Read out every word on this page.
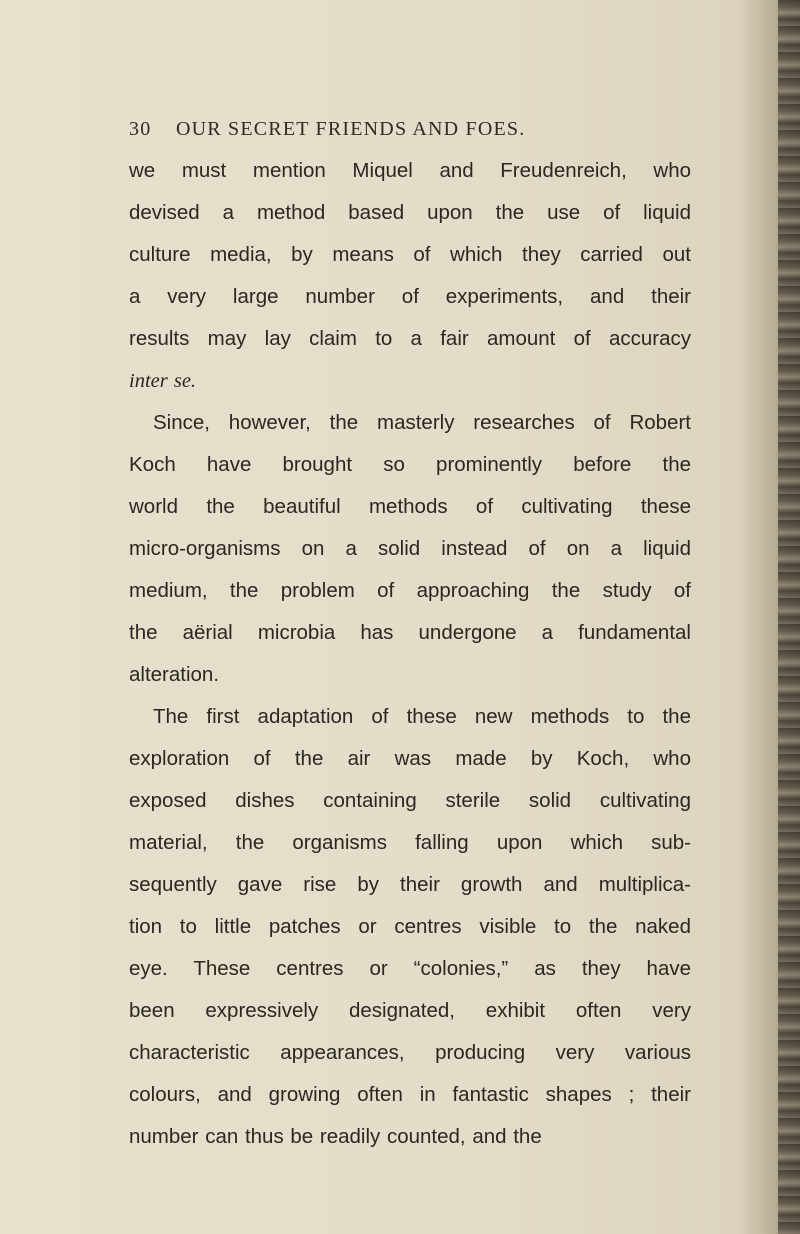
30 OUR SECRET FRIENDS AND FOES.
we must mention Miquel and Freudenreich, who
devised a method based upon the use of liquid
culture media, by means of which they carried out
a very large number of experiments, and their
results may lay claim to a fair amount of accuracy
inter se.
Since, however, the masterly researches of Robert
Koch have brought so prominently before the
world the beautiful methods of cultivating these
micro-organisms on a solid instead of on a liquid
medium, the problem of approaching the study of
the aërial microbia has undergone a fundamental
alteration.
The first adaptation of these new methods to the
exploration of the air was made by Koch, who
exposed dishes containing sterile solid cultivating
material, the organisms falling upon which sub-
sequently gave rise by their growth and multiplica-
tion to little patches or centres visible to the naked
eye. These centres or “colonies,” as they have
been expressively designated, exhibit often very
characteristic appearances, producing very various
colours, and growing often in fantastic shapes ; their
number can thus be readily counted, and the
